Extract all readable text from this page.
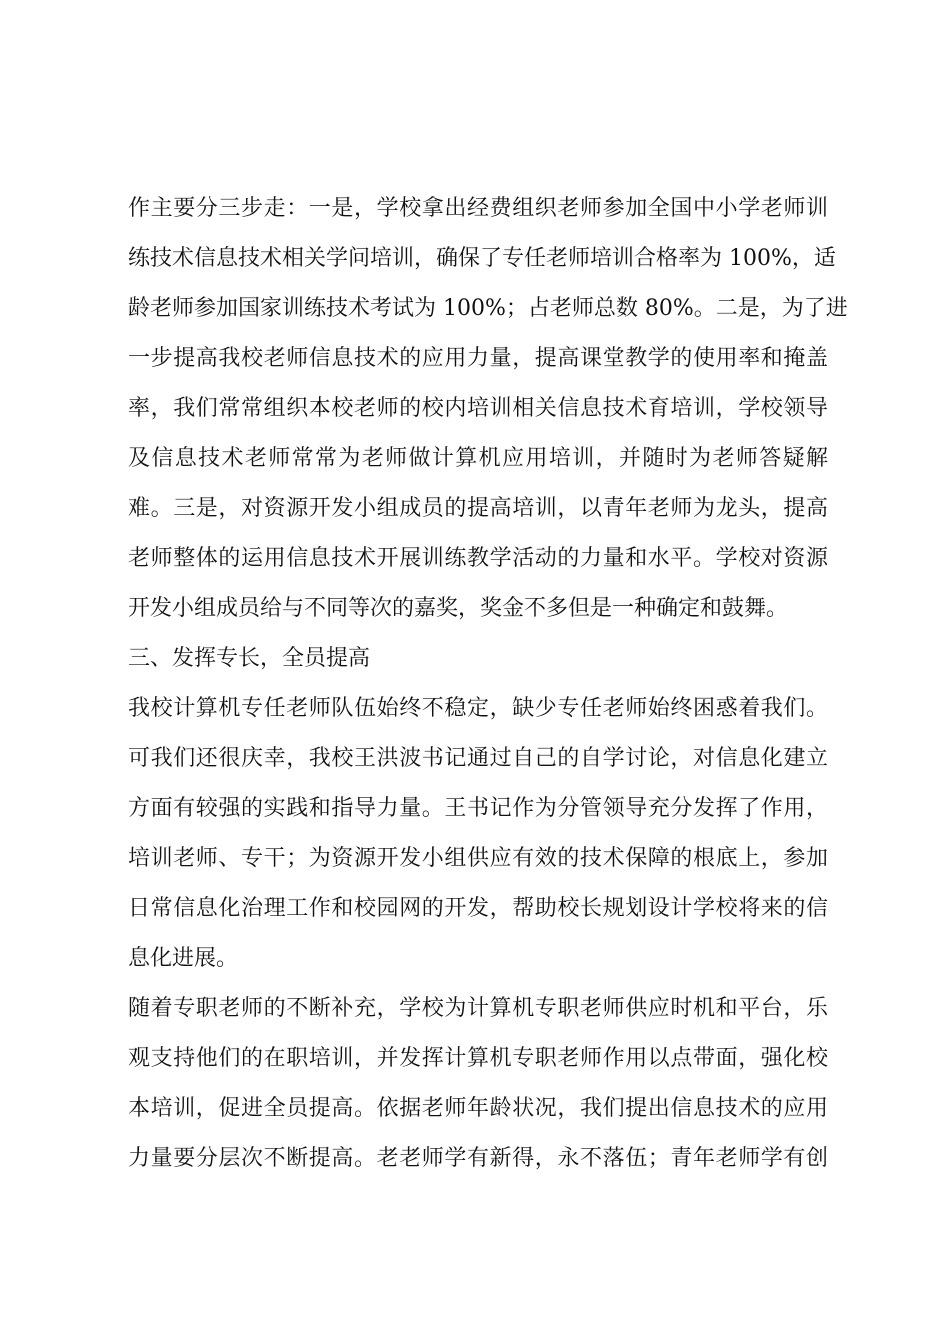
作主要分三步走：一是，学校拿出经费组织老师参加全国中小学老师训
练技术信息技术相关学问培训，确保了专任老师培训合格率为 100%，适
龄老师参加国家训练技术考试为 100%；占老师总数 80%。二是，为了进
一步提高我校老师信息技术的应用力量，提高课堂教学的使用率和掩盖
率，我们常常组织本校老师的校内培训相关信息技术育培训，学校领导
及信息技术老师常常为老师做计算机应用培训，并随时为老师答疑解
难。三是，对资源开发小组成员的提高培训，以青年老师为龙头，提高
老师整体的运用信息技术开展训练教学活动的力量和水平。学校对资源
开发小组成员给与不同等次的嘉奖，奖金不多但是一种确定和鼓舞。
三、发挥专长，全员提高
我校计算机专任老师队伍始终不稳定，缺少专任老师始终困惑着我们。
可我们还很庆幸，我校王洪波书记通过自己的自学讨论，对信息化建立
方面有较强的实践和指导力量。王书记作为分管领导充分发挥了作用，
培训老师、专干；为资源开发小组供应有效的技术保障的根底上，参加
日常信息化治理工作和校园网的开发，帮助校长规划设计学校将来的信
息化进展。
随着专职老师的不断补充，学校为计算机专职老师供应时机和平台，乐
观支持他们的在职培训，并发挥计算机专职老师作用以点带面，强化校
本培训，促进全员提高。依据老师年龄状况，我们提出信息技术的应用
力量要分层次不断提高。老老师学有新得，永不落伍；青年老师学有创
